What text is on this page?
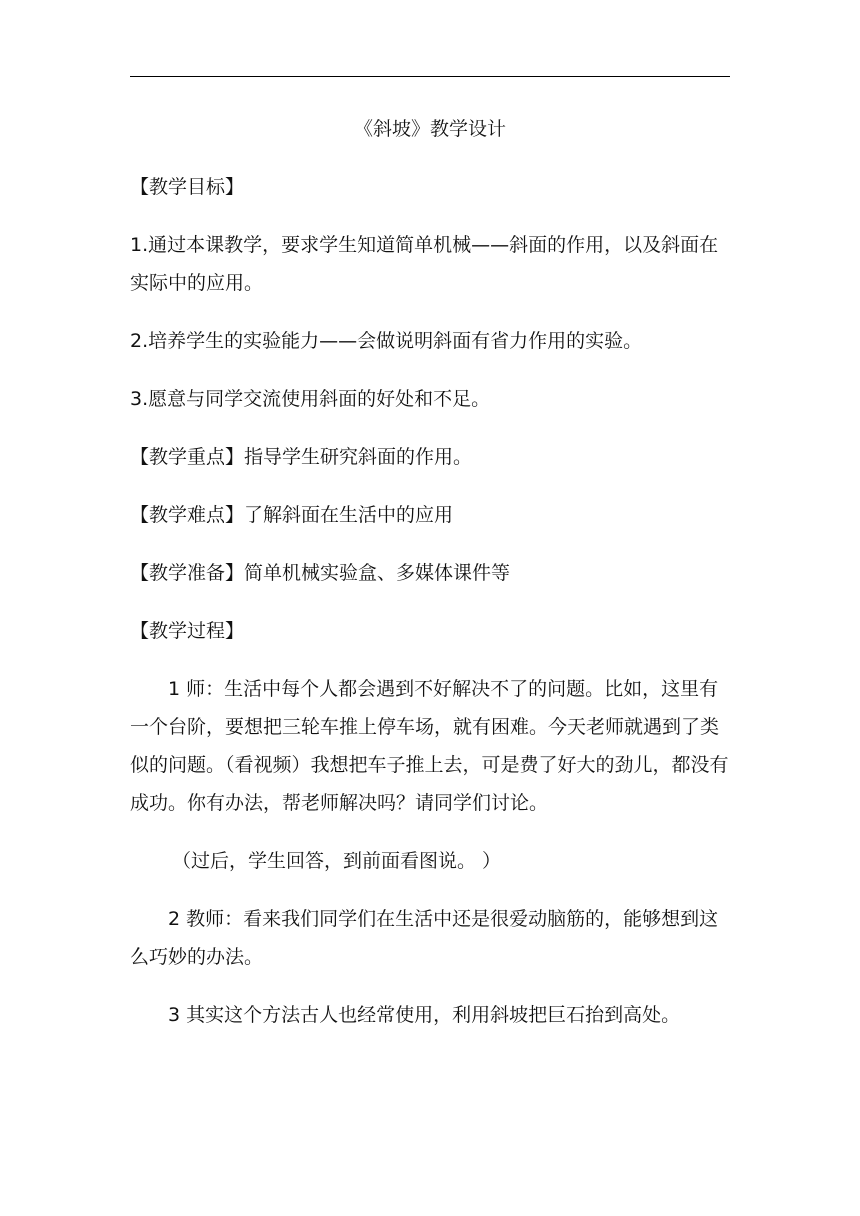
《斜坡》教学设计
【教学目标】
1.通过本课教学，要求学生知道简单机械——斜面的作用，以及斜面在实际中的应用。
2.培养学生的实验能力——会做说明斜面有省力作用的实验。
3.愿意与同学交流使用斜面的好处和不足。
【教学重点】指导学生研究斜面的作用。
【教学难点】了解斜面在生活中的应用
【教学准备】简单机械实验盒、多媒体课件等
【教学过程】
1 师：生活中每个人都会遇到不好解决不了的问题。比如，这里有一个台阶，要想把三轮车推上停车场，就有困难。今天老师就遇到了类似的问题。（看视频）我想把车子推上去，可是费了好大的劲儿，都没有成功。你有办法，帮老师解决吗？请同学们讨论。
（过后，学生回答，到前面看图说。 ）
2 教师：看来我们同学们在生活中还是很爱动脑筋的，能够想到这么巧妙的办法。
3 其实这个方法古人也经常使用，利用斜坡把巨石抬到高处。
